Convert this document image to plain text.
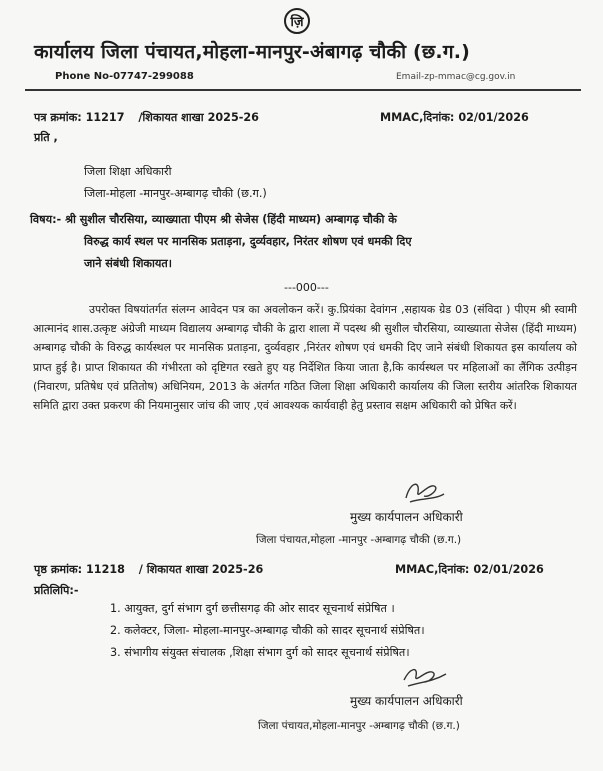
ज़ि
कार्यालय जिला पंचायत,मोहला-मानपुर-अंबागढ़ चौकी (छ.ग.)
Phone No-07747-299088	Email-zp-mmac@cg.gov.in
पत्र क्रमांक: 11217 /शिकायत शाखा 2025-26	MMAC,दिनांक: 02/01/2026
प्रति ,
जिला शिक्षा अधिकारी
जिला-मोहला -मानपुर-अम्बागढ़ चौकी (छ.ग.)
विषय:- श्री सुशील चौरसिया, व्याख्याता पीएम श्री सेजेस (हिंदी माध्यम) अम्बागढ़ चौकी के
विरुद्ध कार्य स्थल पर मानसिक प्रताड़ना, दुर्व्यवहार, निरंतर शोषण एवं धमकी दिए
जाने संबंधी शिकायत।
---000---
उपरोक्त विषयांतर्गत संलग्न आवेदन पत्र का अवलोकन करें। कु.प्रियंका देवांगन ,सहायक ग्रेड 03 (संविदा ) पीएम श्री स्वामी आत्मानंद शास.उत्कृष्ट अंग्रेजी माध्यम विद्यालय अम्बागढ़ चौकी के द्वारा शाला में पदस्थ श्री सुशील चौरसिया, व्याख्याता सेजेस (हिंदी माध्यम) अम्बागढ़ चौकी के विरुद्ध कार्यस्थल पर मानसिक प्रताड़ना, दुर्व्यवहार ,निरंतर शोषण एवं धमकी दिए जाने संबंधी शिकायत इस कार्यालय को प्राप्त हुई है। प्राप्त शिकायत की गंभीरता को दृष्टिगत रखते हुए यह निर्देशित किया जाता है,कि कार्यस्थल पर महिलाओं का लैंगिक उत्पीड़न (निवारण, प्रतिषेध एवं प्रतितोष) अधिनियम, 2013 के अंतर्गत गठित जिला शिक्षा अधिकारी कार्यालय की जिला स्तरीय आंतरिक शिकायत समिति द्वारा उक्त प्रकरण की नियमानुसार जांच की जाए ,एवं आवश्यक कार्यवाही हेतु प्रस्ताव सक्षम अधिकारी को प्रेषित करें।
मुख्य कार्यपालन अधिकारी
जिला पंचायत,मोहला -मानपुर -अम्बागढ़ चौकी (छ.ग.)
पृष्ठ क्रमांक: 11218 / शिकायत शाखा 2025-26	MMAC,दिनांक: 02/01/2026
प्रतिलिपि:-
1. आयुक्त, दुर्ग संभाग दुर्ग छत्तीसगढ़ की ओर सादर सूचनार्थ संप्रेषित ।
2. कलेक्टर, जिला- मोहला-मानपुर-अम्बागढ़ चौकी को सादर सूचनार्थ संप्रेषित।
3. संभागीय संयुक्त संचालक ,शिक्षा संभाग दुर्ग को सादर सूचनार्थ संप्रेषित।
मुख्य कार्यपालन अधिकारी
जिला पंचायत,मोहला-मानपुर -अम्बागढ़ चौकी (छ.ग.)
